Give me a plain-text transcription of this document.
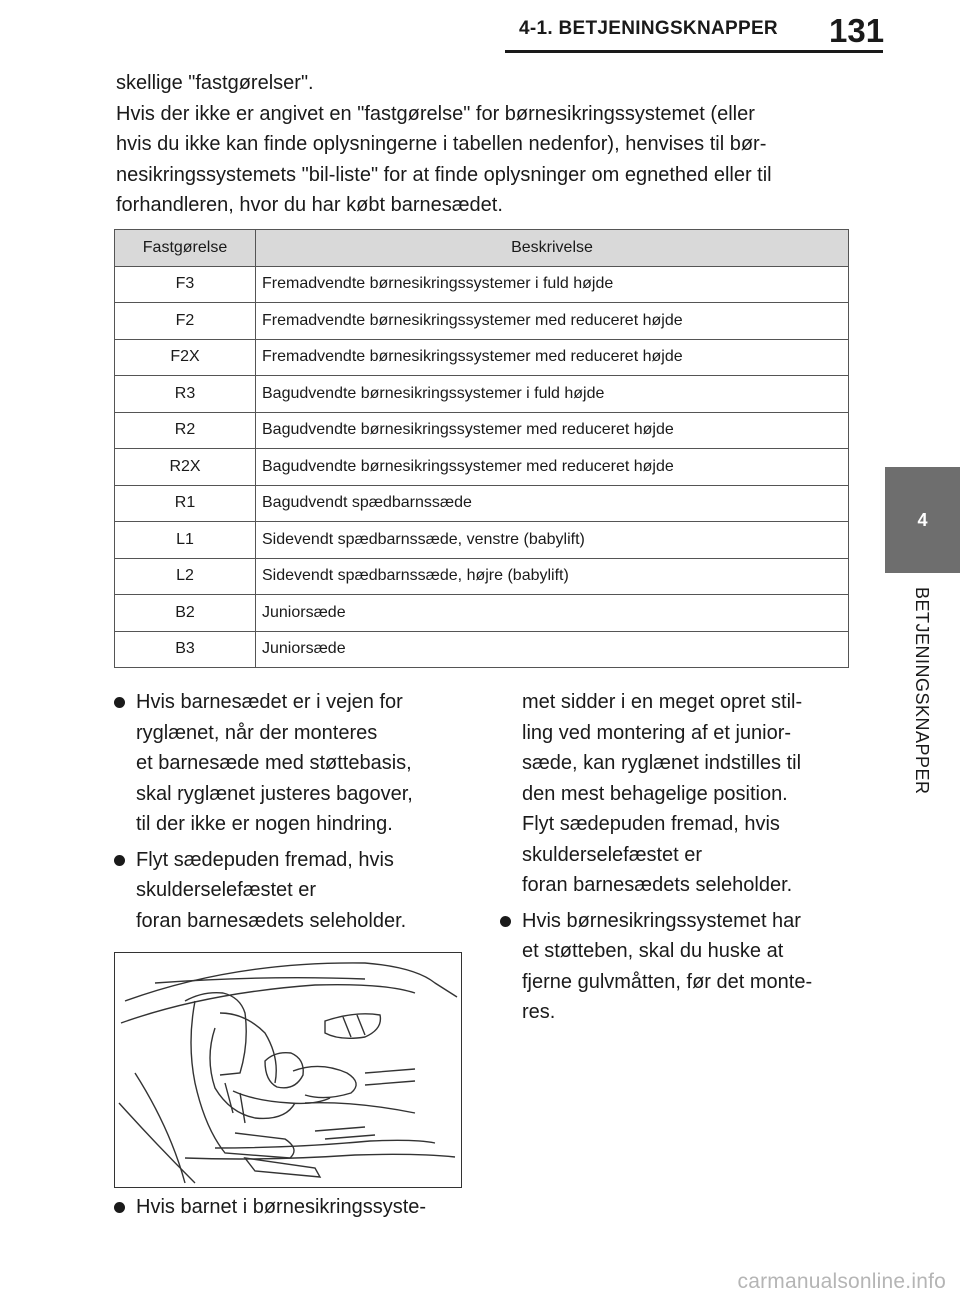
4-1. BETJENINGSKNAPPER 131
4
BETJENINGSKNAPPER

skellige "fastgørelser".
Hvis der ikke er angivet en "fastgørelse" for børnesikringssystemet (eller
hvis du ikke kan finde oplysningerne i tabellen nedenfor), henvises til bør-
nesikringssystemets "bil-liste" for at finde oplysninger om egnethed eller til
forhandleren, hvor du har købt barnesædet.

Fastgørelse	Beskrivelse
F3	Fremadvendte børnesikringssystemer i fuld højde
F2	Fremadvendte børnesikringssystemer med reduceret højde
F2X	Fremadvendte børnesikringssystemer med reduceret højde
R3	Bagudvendte børnesikringssystemer i fuld højde
R2	Bagudvendte børnesikringssystemer med reduceret højde
R2X	Bagudvendte børnesikringssystemer med reduceret højde
R1	Bagudvendt spædbarnssæde
L1	Sidevendt spædbarnssæde, venstre (babylift)
L2	Sidevendt spædbarnssæde, højre (babylift)
B2	Juniorsæde
B3	Juniorsæde
Hvis barnesædet er i vejen for
ryglænet, når der monteres
et barnesæde med støttebasis,
skal ryglænet justeres bagover,
til der ikke er nogen hindring.
Flyt sædepuden fremad, hvis
skulderselefæstet er
foran barnesædets seleholder.
Hvis barnet i børnesikringssyste-
met sidder i en meget opret stil-
ling ved montering af et junior-
sæde, kan ryglænet indstilles til
den mest behagelige position.
Flyt sædepuden fremad, hvis
skulderselefæstet er
foran barnesædets seleholder.
Hvis børnesikringssystemet har
et støtteben, skal du huske at
fjerne gulvmåtten, før det monte-
res.
carmanualsonline.info
